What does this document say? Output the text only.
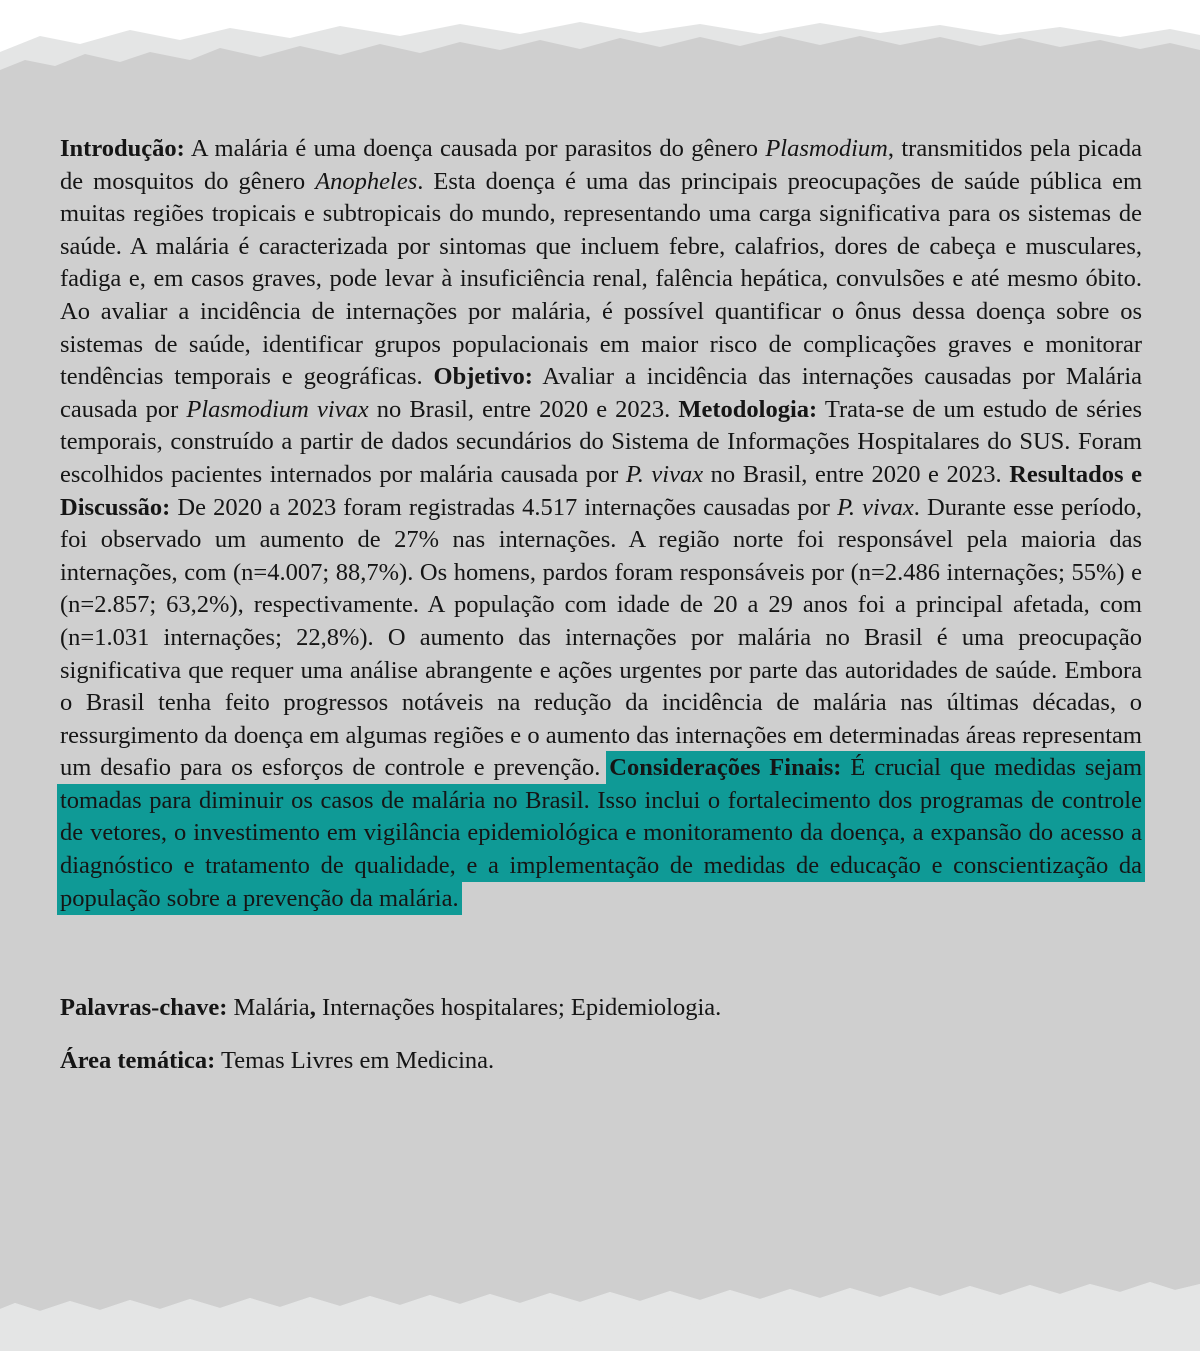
Introdução: A malária é uma doença causada por parasitos do gênero Plasmodium, transmitidos pela picada de mosquitos do gênero Anopheles. Esta doença é uma das principais preocupações de saúde pública em muitas regiões tropicais e subtropicais do mundo, representando uma carga significativa para os sistemas de saúde. A malária é caracterizada por sintomas que incluem febre, calafrios, dores de cabeça e musculares, fadiga e, em casos graves, pode levar à insuficiência renal, falência hepática, convulsões e até mesmo óbito. Ao avaliar a incidência de internações por malária, é possível quantificar o ônus dessa doença sobre os sistemas de saúde, identificar grupos populacionais em maior risco de complicações graves e monitorar tendências temporais e geográficas. Objetivo: Avaliar a incidência das internações causadas por Malária causada por Plasmodium vivax no Brasil, entre 2020 e 2023. Metodologia: Trata-se de um estudo de séries temporais, construído a partir de dados secundários do Sistema de Informações Hospitalares do SUS. Foram escolhidos pacientes internados por malária causada por P. vivax no Brasil, entre 2020 e 2023. Resultados e Discussão: De 2020 a 2023 foram registradas 4.517 internações causadas por P. vivax. Durante esse período, foi observado um aumento de 27% nas internações. A região norte foi responsável pela maioria das internações, com (n=4.007; 88,7%). Os homens, pardos foram responsáveis por (n=2.486 internações; 55%) e (n=2.857; 63,2%), respectivamente. A população com idade de 20 a 29 anos foi a principal afetada, com (n=1.031 internações; 22,8%). O aumento das internações por malária no Brasil é uma preocupação significativa que requer uma análise abrangente e ações urgentes por parte das autoridades de saúde. Embora o Brasil tenha feito progressos notáveis na redução da incidência de malária nas últimas décadas, o ressurgimento da doença em algumas regiões e o aumento das internações em determinadas áreas representam um desafio para os esforços de controle e prevenção. Considerações Finais: É crucial que medidas sejam tomadas para diminuir os casos de malária no Brasil. Isso inclui o fortalecimento dos programas de controle de vetores, o investimento em vigilância epidemiológica e monitoramento da doença, a expansão do acesso a diagnóstico e tratamento de qualidade, e a implementação de medidas de educação e conscientização da população sobre a prevenção da malária.

Palavras-chave: Malária, Internações hospitalares; Epidemiologia.

Área temática: Temas Livres em Medicina.
